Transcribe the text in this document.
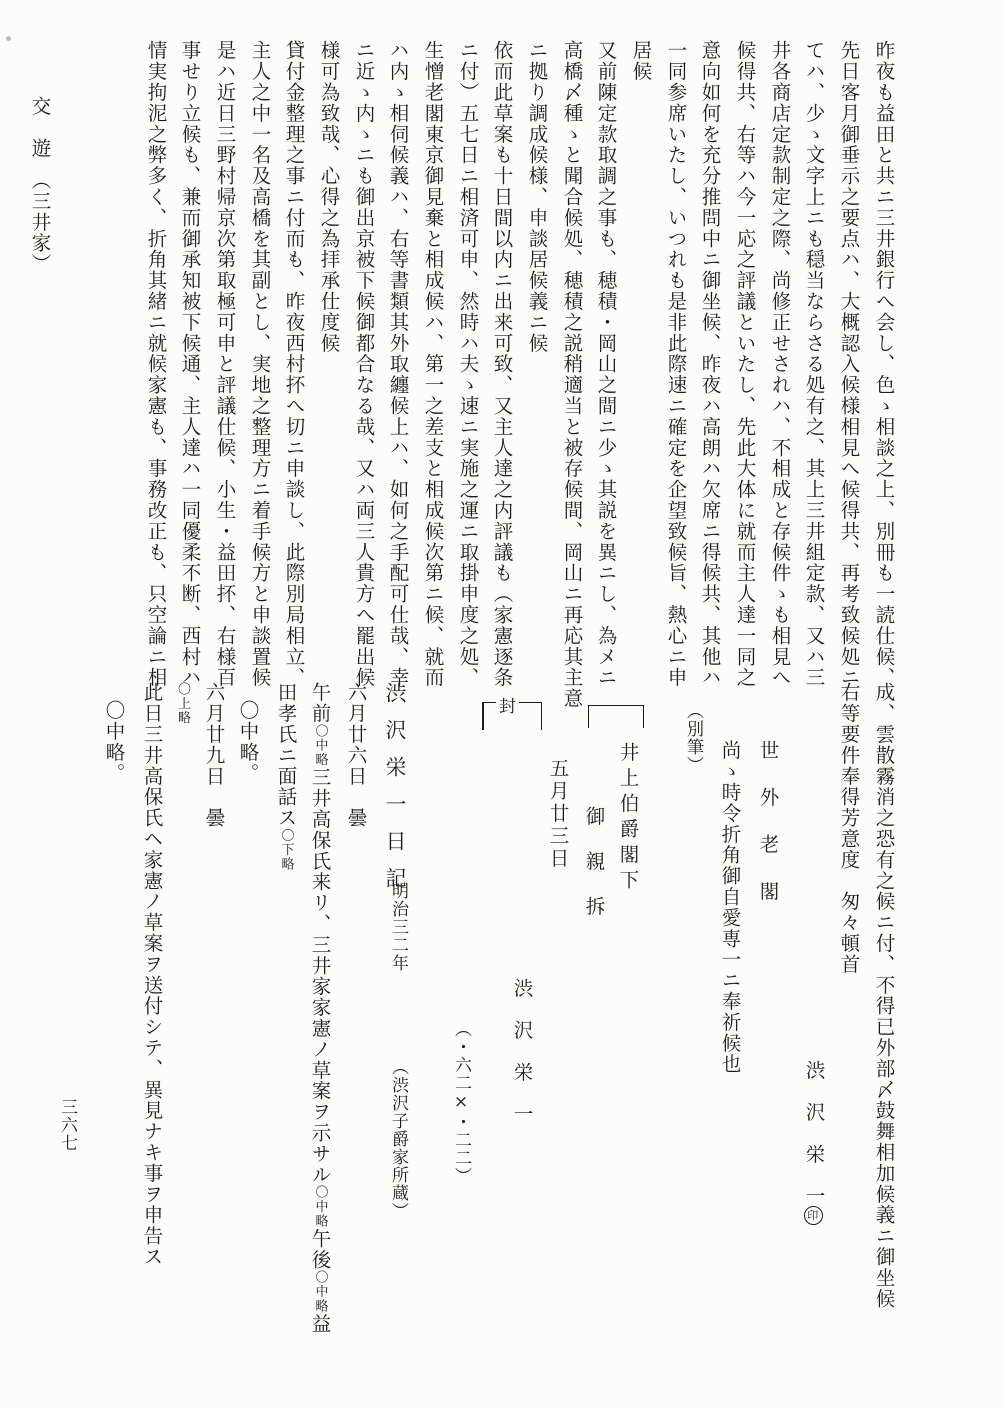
交　遊　（三井家）
三六七
昨夜も益田と共ニ三井銀行へ会し、色ゝ相談之上、別冊も一読仕候、
先日客月御垂示之要点ハ、大概認入候様相見へ候得共、再考致候処ニ
てハ、少ゝ文字上ニも穏当ならさる処有之、其上三井組定款、又ハ三
井各商店定款制定之際、尚修正せされハ、不相成と存候件ゝも相見へ
候得共、右等ハ今一応之評議といたし、先此大体に就而主人達一同之
意向如何を充分推問中ニ御坐候、昨夜ハ高朗ハ欠席ニ得候共、其他ハ
一同参席いたし、いつれも是非此際速ニ確定を企望致候旨、熱心ニ申
居候
又前陳定款取調之事も、穂積・岡山之間ニ少ゝ其説を異ニし、為メニ
高橋〆種ゝと聞合候処、穂積之説稍適当と被存候間、岡山ニ再応其主意
ニ拠り調成候様、申談居候義ニ候
依而此草案も十日間以内ニ出来可致、又主人達之内評議も（家憲逐条
ニ付）五七日ニ相済可申、然時ハ夫ゝ速ニ実施之運ニ取掛申度之処、
生憎老閣東京御見棄と相成候ハ、第一之差支と相成候次第ニ候、就而
ハ内ゝ相伺候義ハ、右等書類其外取纏候上ハ、如何之手配可仕哉、幸
ニ近ゝ内ゝニも御出京被下候御都合なる哉、又ハ両三人貴方へ罷出候
様可為致哉、心得之為拝承仕度候
貸付金整理之事ニ付而も、昨夜西村抔へ切ニ申談し、此際別局相立、
主人之中一名及高橋を其副とし、実地之整理方ニ着手候方と申談置候
是ハ近日三野村帰京次第取極可申と評議仕候、小生・益田抔、右様百
事せり立候も、兼而御承知被下候通、主人達ハ一同優柔不断、西村ハ
情実拘泥之弊多く、折角其緒ニ就候家憲も、事務改正も、只空論ニ相
成、雲散霧消之恐有之候ニ付、不得已外部〆鼓舞相加候義ニ御坐候
右等要件奉得芳意度　匆々頓首
渋　沢　栄　一印
世　外　老　閣
尚ゝ時令折角御自愛専一ニ奉祈候也
（別筆）
井上伯爵閣下
御　親　拆
封
五月廿三日
渋　沢　栄　一
（・六二×・二二）
渋沢栄一日記
明治三二年
（渋沢子爵家所蔵）
六月廿六日　曇
午前〇中略三井高保氏来リ、三井家家憲ノ草案ヲ示サル〇中略午後〇中略益
田孝氏ニ面話ス〇下略
〇中略。
六月廿九日　曇
〇上略
此日三井高保氏ヘ家憲ノ草案ヲ送付シテ、異見ナキ事ヲ申告ス
〇中略。
